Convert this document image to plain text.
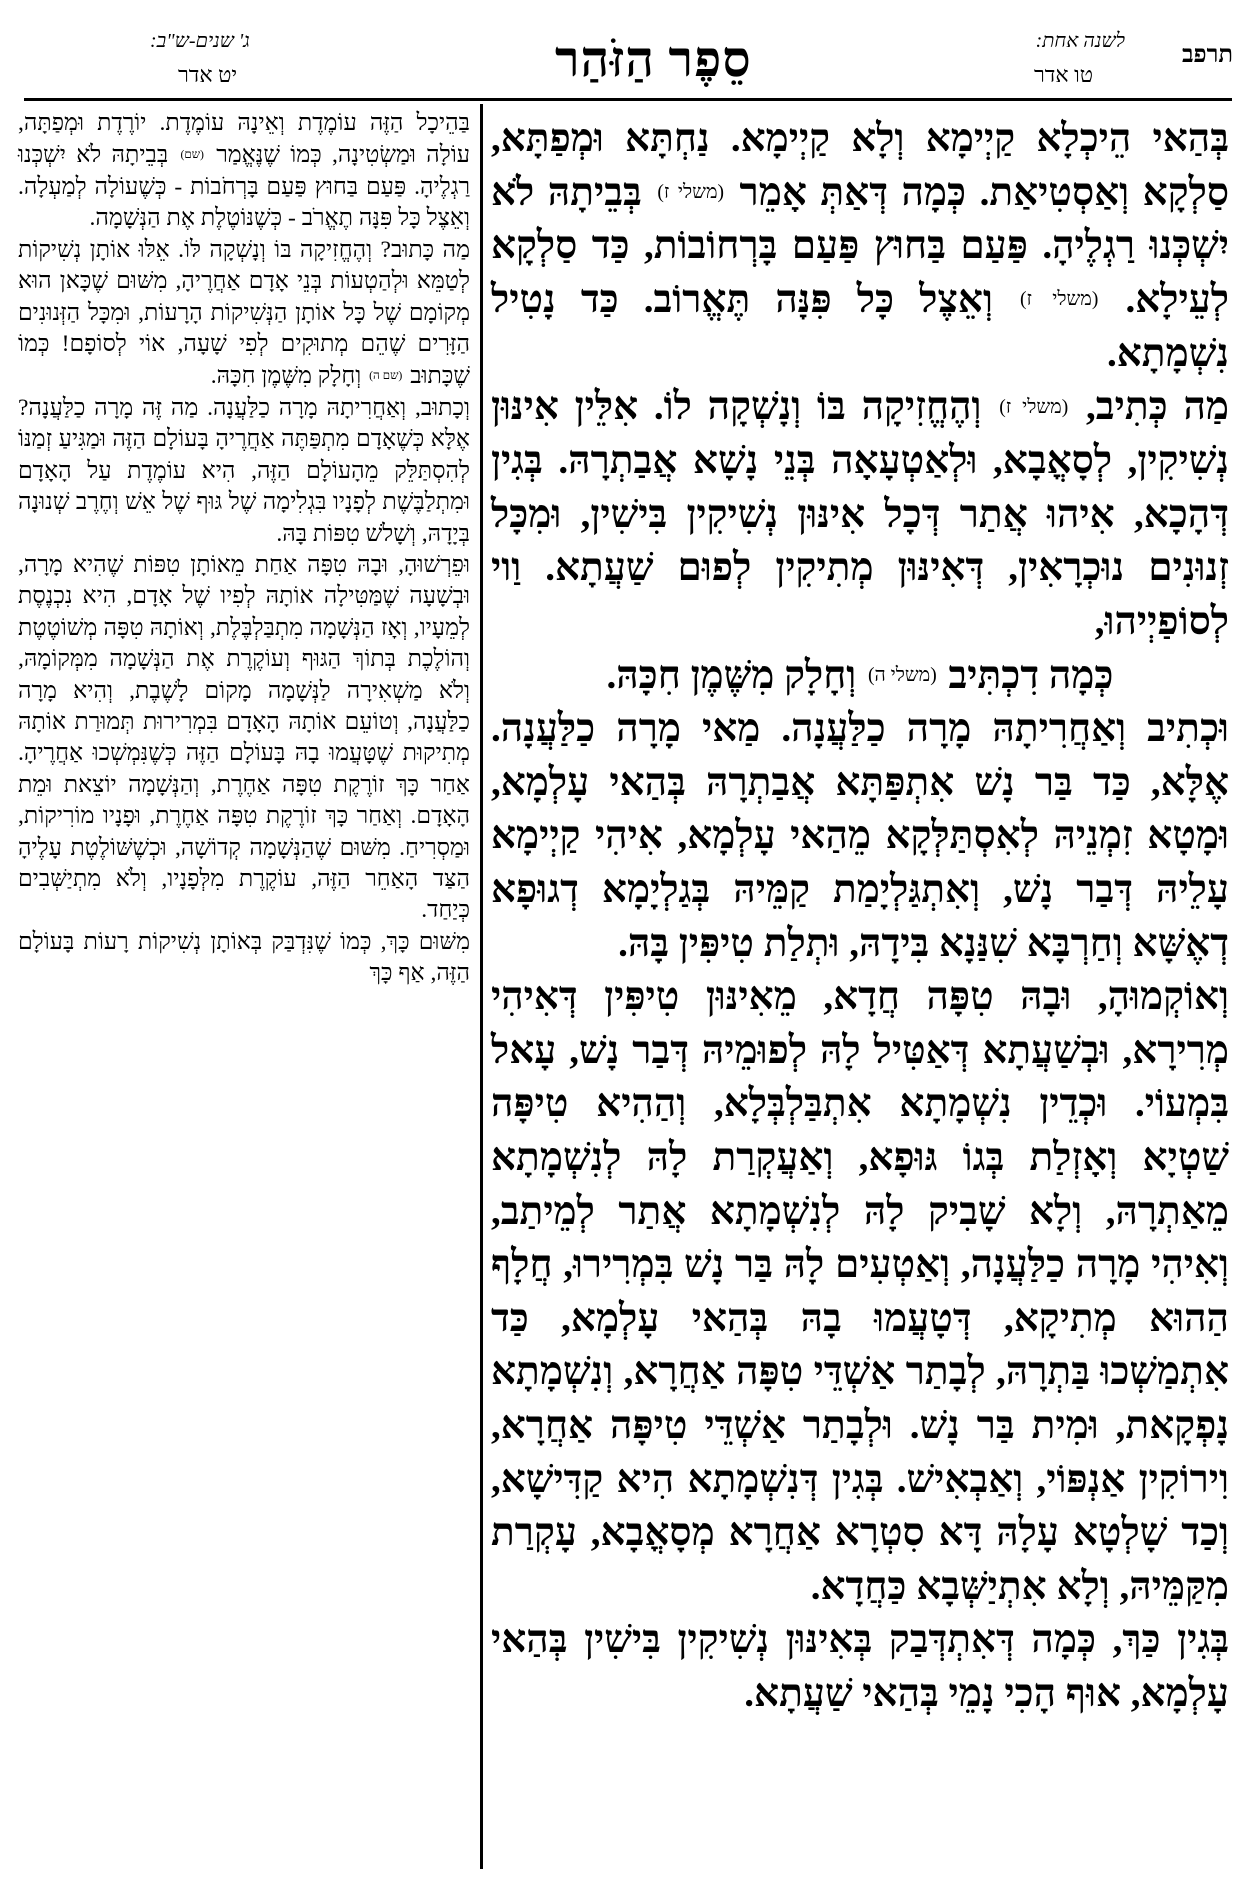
תרפב
לשנה אחת:
טו אדר
סֵפֶר הַזֹּהַר
ג' שנים-ש"ב:
יט אדר

בְּהַאי הֵיכְלָא קַיְימָא וְלָא קַיְימָא. נַחְתָּא וּמְפַתָּא, סַלְקָא וְאַסְטִיאַת. כְּמָה דְּאַתְּ אָמֵר (משלי ז) בְּבֵיתָהּ לֹא יִשְׁכְּנוּ רַגְלֶיהָ. פַּעַם בַּחוּץ פַּעַם בָּרְחוֹבוֹת, כַּד סַלְקָא לְעֵילָא. (משלי ז) וְאֵצֶל כָּל פִּנָּה תֶּאֱרוֹב. כַּד נָטִיל נִשְׁמָתָא.

מַה כְּתִיב, (משלי ז) וְהֶחֱזִיקָה בּוֹ וְנָשְׁקָה לוֹ. אִלֵּין אִינּוּן נְשִׁיקִין, לְסָאֳבָא, וּלְאַטְעָאָה בְּנֵי נָשָׁא אֲבַתְרָהּ. בְּגִין דְּהָכָא, אִיהוּ אֲתַר דְּכָל אִינּוּן נְשִׁיקִין בִּישִׁין, וּמִכָּל זְנוּנִים נוּכְרָאִין, דְּאִינּוּן מְתִיקִין לְפוּם שַׁעֲתָא. וַוי לְסוֹפַיְיהוּ,

כְּמָה דִכְתִּיב (משלי ה) וְחָלָק מִשֶּׁמֶן חִכָּהּ.

וּכְתִיב וְאַחֲרִיתָהּ מָרָה כַלַּעֲנָה. מַאי מָרָה כַלַּעֲנָה. אֶלָּא, כַּד בַּר נָשׁ אִתְפַּתָּא אֲבַתְרָהּ בְּהַאי עָלְמָא, וּמָטָא זִמְנֵיהּ לְאִסְתַּלְּקָא מֵהַאי עָלְמָא, אִיהִי קַיְימָא עָלֵיהּ דְּבַר נָשׁ, וְאִתְגַּלְיָמַת קַמֵּיהּ בְּגַלְיָמָא דְגוּפָא דְאֶשָּׁא וְחַרְבָּא שִׁנַּנָא בִּידָהּ, וּתְלַת טִיפִּין בָּהּ.

וְאוֹקְמוּהָ, וּבָהּ טִפָּה חֲדָא, מֵאִינּוּן טִיפִּין דְּאִיהִי מְרִירָא, וּבְשַׁעֲתָא דְּאַטִּיל לָהּ לְפוּמֵיהּ דְּבַר נָשׁ, עָאל בִּמְעוֹי. וּכְדֵין נִשְׁמָתָא אִתְבַּלְבְּלָא, וְהַהִיא טִיפָּה שַׁטְיָא וְאָזְלַת בְּגוֹ גּוּפָא, וְאַעֲקְרַת לָהּ לְנִשְׁמָתָא מֵאַתְרָהּ, וְלָא שָׁבִיק לָהּ לְנִשְׁמָתָא אֲתַר לְמֵיתַב, וְאִיהִי מָרָה כַלַּעֲנָה, וְאַטְעִים לָהּ בַּר נָשׁ בִּמְרִירוּ, חֲלָף הַהוּא מְתִיקָא, דְּטָעֲמוּ בָהּ בְּהַאי עָלְמָא, כַּד אִתְמַשְׁכוּ בַּתְרָהּ, לְבָתַר אַשְׁדֵּי טִפָּה אַחֲרָא, וְנִשְׁמָתָא נָפְקָאת, וּמִית בַּר נָשׁ. וּלְבָתַר אַשְׁדֵּי טִיפָּה אַחֲרָא, וִירוֹקִין אַנְפּוֹי, וְאַבְאִישׁ. בְּגִין דְּנִשְׁמָתָא הִיא קַדִּישָׁא, וְכַד שָׁלְטָא עָלָהּ דָּא סִטְרָא אַחֲרָא מְסָאֳבָא, עָקְרַת מִקַּמֵּיהּ, וְלָא אִתְיַשְּׁבָא כַּחֲדָא.

בְּגִין כַּךְ, כְּמָה דְּאִתְדְּבַק בְּאִינּוּן נְשִׁיקִין בִּישִׁין בְּהַאי עָלְמָא, אוּף הָכִי נָמֵי בְּהַאי שַׁעֲתָא.

בַּהֵיכָל הַזֶּה עוֹמֶדֶת וְאֵינָהּ עוֹמֶדֶת. יוֹרֶדֶת וּמְפַתָּה, עוֹלָה וּמַשְׂטִינָה, כְּמוֹ שֶׁנֶּאֱמַר (שם) בְּבֵיתָהּ לֹא יִשְׁכְּנוּ רַגְלֶיהָ. פַּעַם בַּחוּץ פַּעַם בָּרְחֹבוֹת - כְּשֶׁעוֹלָה לְמַעְלָה. וְאֵצֶל כָּל פִּנָּה תֶאֱרֹב - כְּשֶׁנּוֹטֶלֶת אֶת הַנְּשָׁמָה.

מַה כָּתוּב? וְהֶחֱזִיקָה בּוֹ וְנָשְׁקָה לּוֹ. אֵלּוּ אוֹתָן נְשִׁיקוֹת לְטַמֵּא וּלְהַטְעוֹת בְּנֵי אָדָם אַחֲרֶיהָ, מִשּׁוּם שֶׁכָּאן הוּא מְקוֹמָם שֶׁל כָּל אוֹתָן הַנְּשִׁיקוֹת הָרָעוֹת, וּמִכָּל הַזְּנוּנִים הַזָּרִים שֶׁהֵם מְתוּקִים לְפִי שָׁעָה, אוֹי לְסוֹפָם! כְּמוֹ שֶׁכָּתוּב (שם ה) וְחָלָק מִשֶּׁמֶן חִכָּהּ.

וְכָתוּב, וְאַחֲרִיתָהּ מָרָה כַלַּעֲנָה. מַה זֶּה מָרָה כַלַּעֲנָה? אֶלָּא כְּשֶׁאָדָם מִתְפַּתֶּה אַחֲרֶיהָ בָּעוֹלָם הַזֶּה וּמַגִּיעַ זְמַנּוֹ לְהִסְתַּלֵּק מֵהָעוֹלָם הַזֶּה, הִיא עוֹמֶדֶת עַל הָאָדָם וּמִתְלַבֶּשֶׁת לְפָנָיו בִּגְלִימָה שֶׁל גּוּף שֶׁל אֵשׁ וְחֶרֶב שְׁנוּנָה בְּיָדָהּ, וְשָׁלֹשׁ טִפּוֹת בָּהּ.

וּפֵרְשׁוּהָ, וּבָהּ טִפָּה אַחַת מֵאוֹתָן טִפּוֹת שֶׁהִיא מָרָה, וּבְשָׁעָה שֶׁמַּטִּילָה אוֹתָהּ לְפִיו שֶׁל אָדָם, הִיא נִכְנֶסֶת לְמֵעָיו, וְאָז הַנְּשָׁמָה מִתְבַּלְבֶּלֶת, וְאוֹתָהּ טִפָּה מְשׁוֹטֶטֶת וְהוֹלֶכֶת בְּתוֹךְ הַגּוּף וְעוֹקֶרֶת אֶת הַנְּשָׁמָה מִמְּקוֹמָהּ, וְלֹא מַשְׁאִירָה לַנְּשָׁמָה מָקוֹם לָשֶׁבֶת, וְהִיא מָרָה כַלַּעֲנָה, וְטוֹעֵם אוֹתָהּ הָאָדָם בִּמְרִירוּת תְּמוּרַת אוֹתָהּ מְתִיקוּת שֶׁטָּעֲמוּ בָהּ בָּעוֹלָם הַזֶּה כְּשֶׁנִּמְשְׁכוּ אַחֲרֶיהָ. אַחַר כָּךְ זוֹרֶקֶת טִפָּה אַחֶרֶת, וְהַנְּשָׁמָה יוֹצֵאת וּמֵת הָאָדָם. וְאַחַר כָּךְ זוֹרֶקֶת טִפָּה אַחֶרֶת, וּפָנָיו מוֹרִיקוֹת, וּמַסְרִיחַ. מִשּׁוּם שֶׁהַנְּשָׁמָה קְדוֹשָׁה, וּכְשֶׁשּׁוֹלֶטֶת עָלֶיהָ הַצַּד הָאַחֵר הַזֶּה, עוֹקֶרֶת מִלְּפָנָיו, וְלֹא מִתְיַשְּׁבִים כְּיַחַד.

מִשּׁוּם כָּךְ, כְּמוֹ שֶׁנִּדְבַּק בְּאוֹתָן נְשִׁיקוֹת רָעוֹת בָּעוֹלָם הַזֶּה, אַף כָּךְ
